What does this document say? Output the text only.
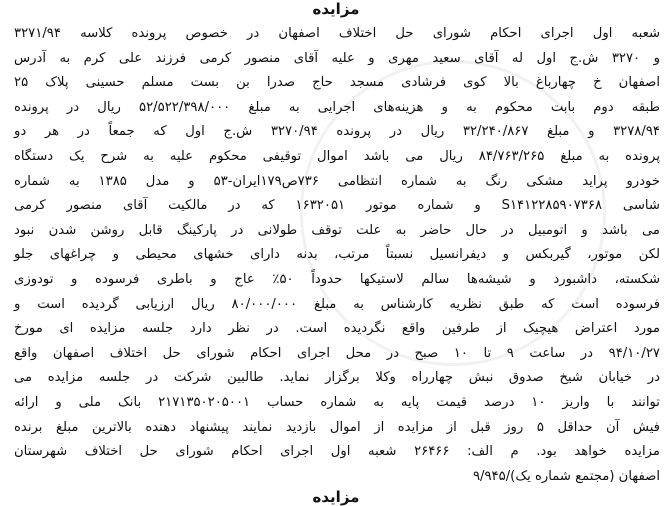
مزایده
شعبه اول اجرای احکام شورای حل اختلاف اصفهان در خصوص پرونده کلاسه ۳۲۷۱/۹۴
و ۳۲۷۰ ش.ج اول له آقای سعید مهری و علیه آقای منصور کرمی فرزند علی کرم به آدرس
اصفهان خ چهارباغ بالا کوی فرشادی مسجد حاج صدرا بن بست مسلم حسینی پلاک ۲۵
طبقه دوم بابت محکوم به و هزینه‌های اجرایی به مبلغ ۵۲/۵۲۲/۳۹۸/۰۰۰ ریال در پرونده
۳۲۷۸/۹۴ و مبلغ ۳۲/۲۴۰/۸۶۷ ریال در پرونده ۳۲۷۰/۹۴ ش.ج اول که جمعاً در هر دو
پرونده به مبلغ ۸۴/۷۶۳/۲۶۵ ریال می باشد اموال توقیفی محکوم علیه به شرح یک دستگاه
خودرو پراید مشکی رنگ به شماره انتظامی ۷۳۶ص۱۷۹ایران-۵۳ و مدل ۱۳۸۵ به شماره
شاسی S۱۴۱۲۲۸۵۹۰۷۳۶۸ و شماره موتور ۱۶۳۲۰۵۱ که در مالکیت آقای منصور کرمی
می باشد و اتومبیل در حال حاضر به علت توقف طولانی در پارکینگ قابل روشن شدن نبود
لکن موتور، گیربکس و دیفرانسیل نسبتاً مرتب، بدنه دارای خشهای محیطی و چراغهای جلو
شکسته، داشبورد و شیشه‌ها سالم لاستیکها حدوداً ۵۰٪ عاج و باطری فرسوده و تودوزی
فرسوده است که طبق نظریه کارشناس به مبلغ ۸۰/۰۰۰/۰۰۰ ریال ارزیابی گردیده است و
مورد اعتراض هیچیک از طرفین واقع نگردیده است. در نظر دارد جلسه مزایده ای مورخ
۹۴/۱۰/۲۷ در ساعت ۹ تا ۱۰ صبح در محل اجرای احکام شورای حل اختلاف اصفهان واقع
در خیابان شیخ صدوق نبش چهارراه وکلا برگزار نماید. طالبین شرکت در جلسه مزایده می
توانند با واریز ۱۰ درصد قیمت پایه به شماره حساب ۲۱۷۱۳۵۰۲۰۵۰۰۱ بانک ملی و ارائه
فیش آن حداقل ۵ روز قبل از مزایده از اموال بازدید نمایند پیشنهاد دهنده بالاترین مبلغ برنده
مزایده خواهد بود. م الف: ۲۶۴۶۶ شعبه اول اجرای احکام شورای حل اختلاف شهرستان
اصفهان (مجتمع شماره یک)/۹/۹۴۵
مزایده
